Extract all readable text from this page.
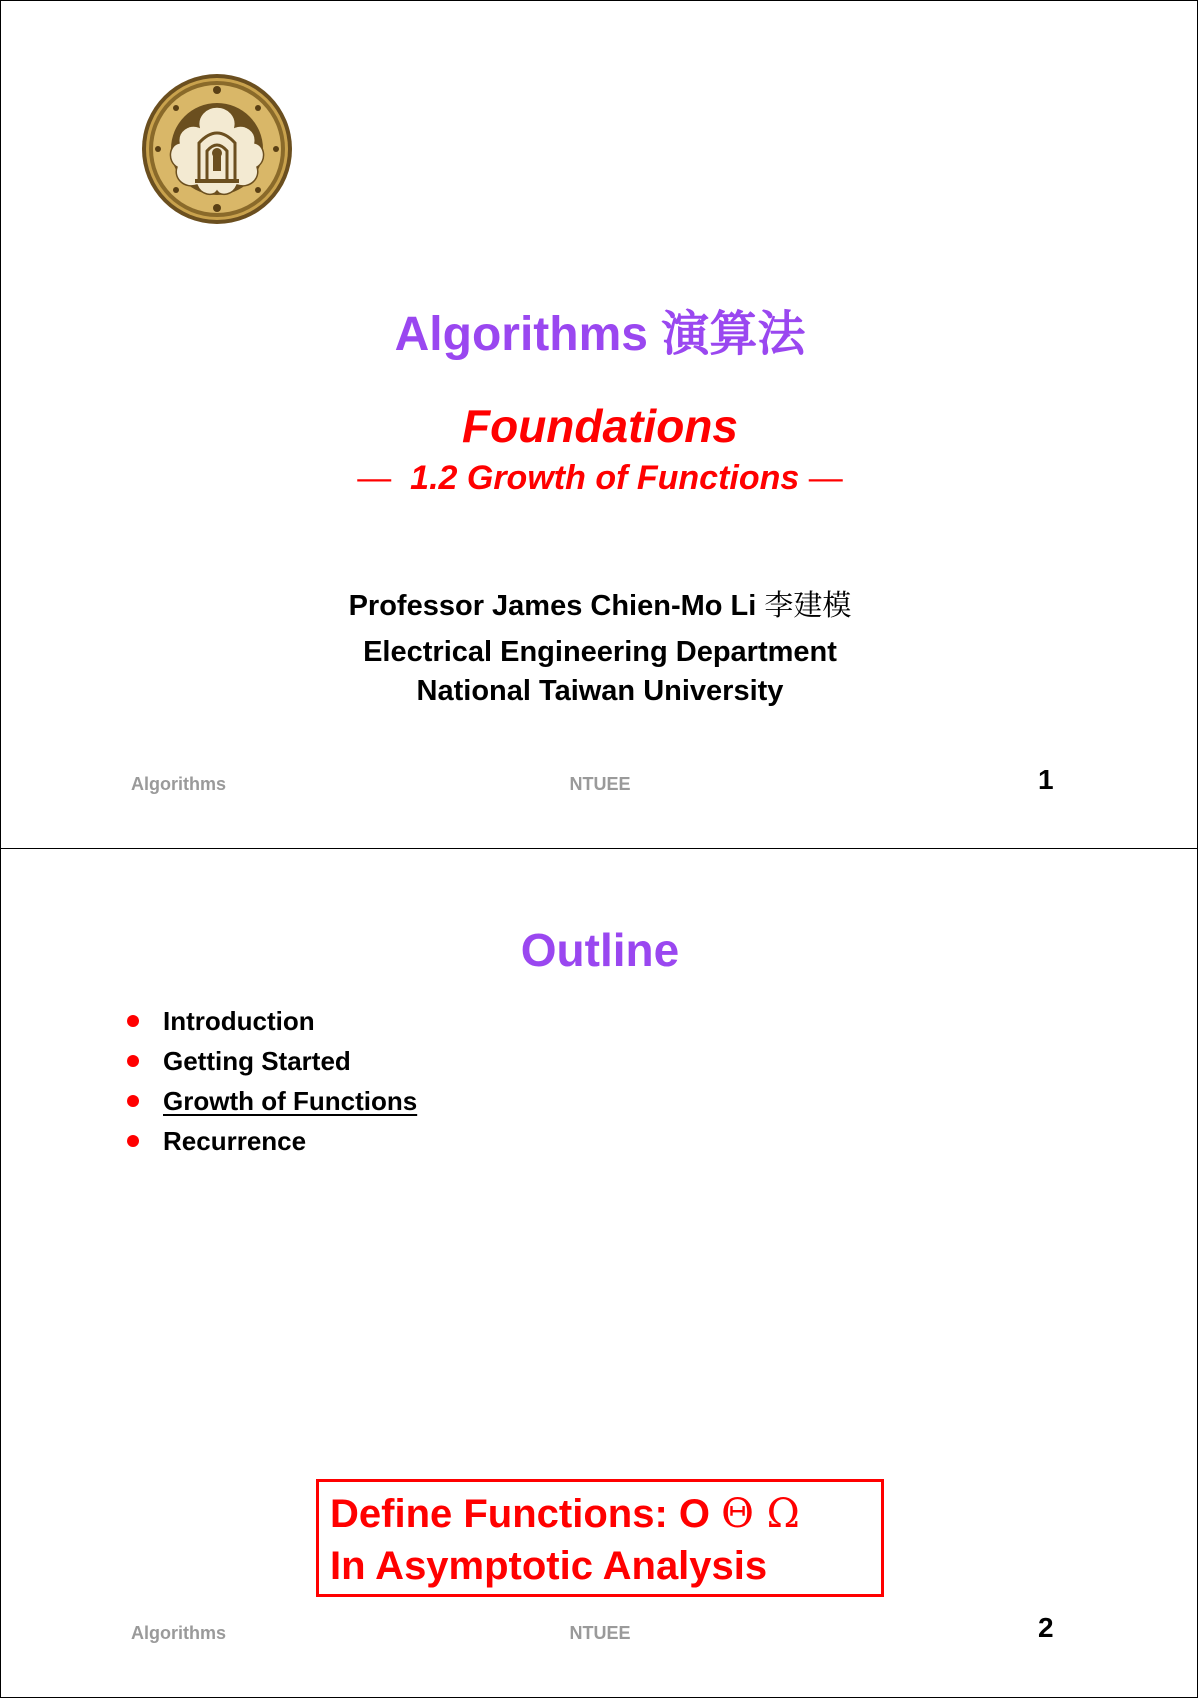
Algorithms 演算法
Foundations
— 1.2 Growth of Functions —
Professor James Chien-Mo Li 李建模
Electrical Engineering Department
National Taiwan University
Algorithms	NTUEE	1
Outline
Introduction
Getting Started
Growth of Functions
Recurrence
Define Functions: O Θ Ω
In Asymptotic Analysis
Algorithms	NTUEE	2
